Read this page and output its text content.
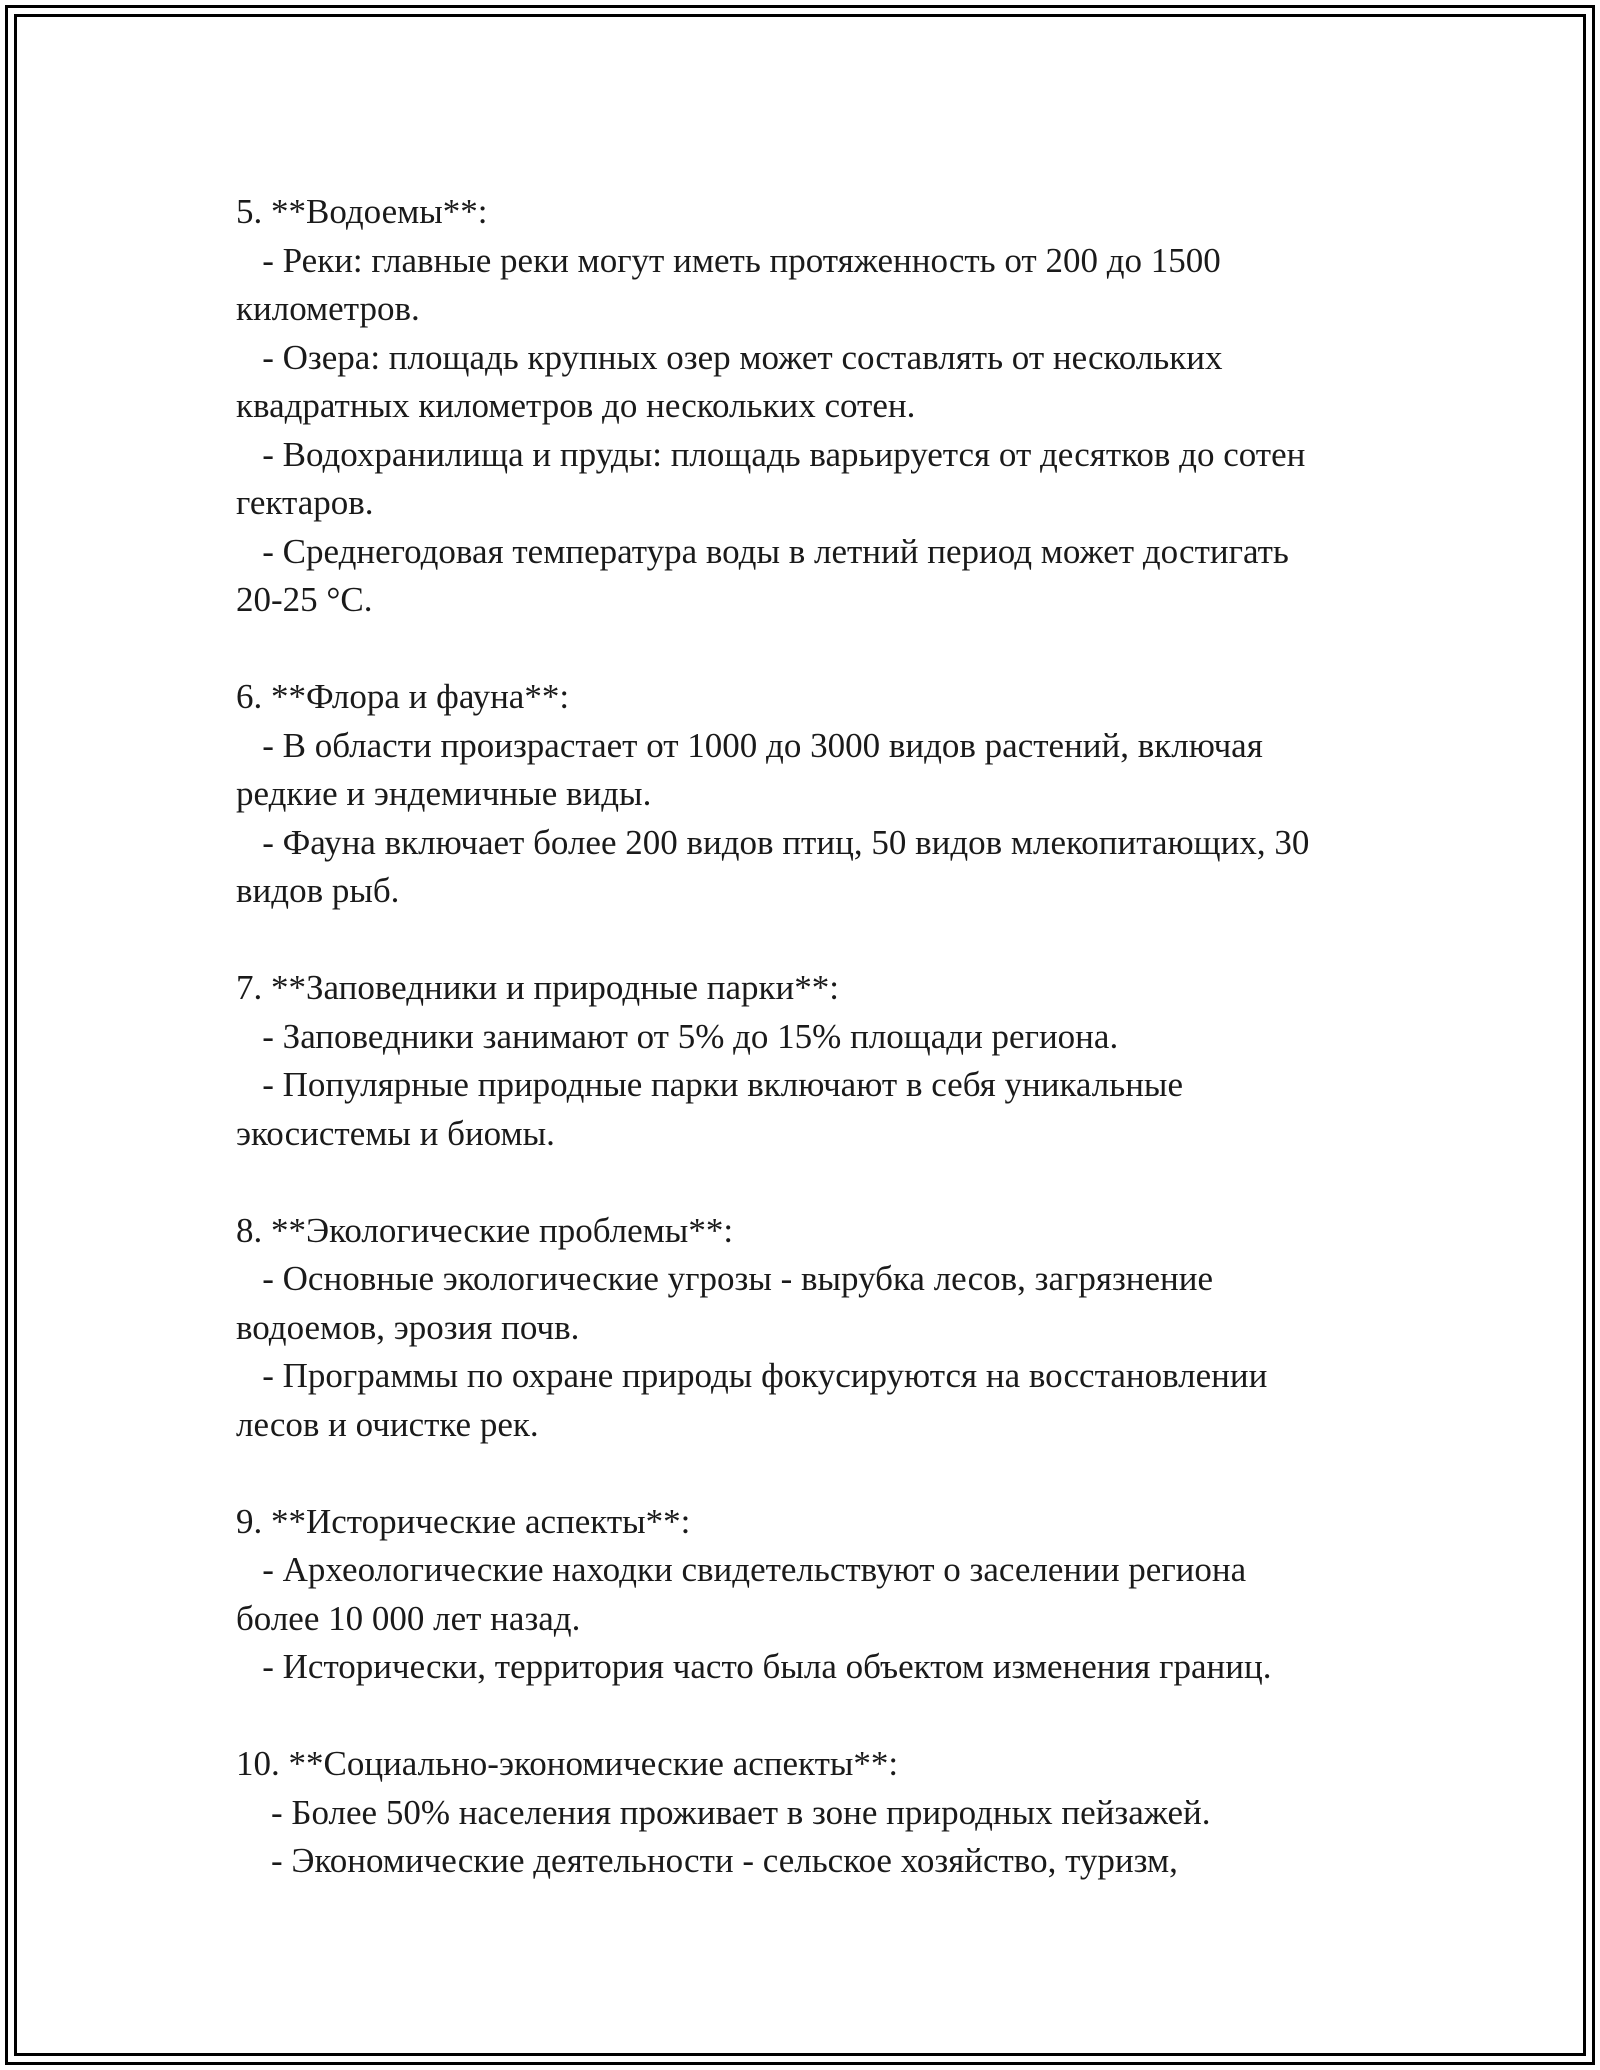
5. **Водоемы**:
- Реки: главные реки могут иметь протяженность от 200 до 1500
километров.
- Озера: площадь крупных озер может составлять от нескольких
квадратных километров до нескольких сотен.
- Водохранилища и пруды: площадь варьируется от десятков до сотен
гектаров.
- Среднегодовая температура воды в летний период может достигать
20-25 °C.
6. **Флора и фауна**:
- В области произрастает от 1000 до 3000 видов растений, включая
редкие и эндемичные виды.
- Фауна включает более 200 видов птиц, 50 видов млекопитающих, 30
видов рыб.
7. **Заповедники и природные парки**:
- Заповедники занимают от 5% до 15% площади региона.
- Популярные природные парки включают в себя уникальные
экосистемы и биомы.
8. **Экологические проблемы**:
- Основные экологические угрозы - вырубка лесов, загрязнение
водоемов, эрозия почв.
- Программы по охране природы фокусируются на восстановлении
лесов и очистке рек.
9. **Исторические аспекты**:
- Археологические находки свидетельствуют о заселении региона
более 10 000 лет назад.
- Исторически, территория часто была объектом изменения границ.
10. **Социально-экономические аспекты**:
- Более 50% населения проживает в зоне природных пейзажей.
- Экономические деятельности - сельское хозяйство, туризм,
